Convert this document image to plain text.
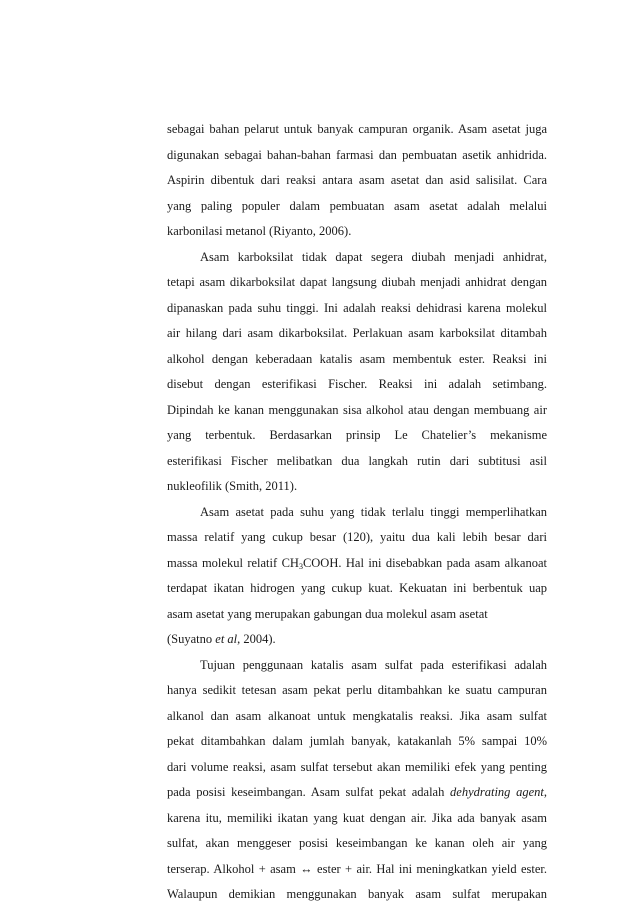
sebagai bahan pelarut untuk banyak campuran organik. Asam asetat juga
digunakan sebagai bahan-bahan farmasi dan pembuatan asetik anhidrida.
Aspirin dibentuk dari reaksi antara asam asetat dan asid salisilat. Cara
yang paling populer dalam pembuatan asam asetat adalah melalui
karbonilasi metanol (Riyanto, 2006).
Asam karboksilat tidak dapat segera diubah menjadi anhidrat,
tetapi asam dikarboksilat dapat langsung diubah menjadi anhidrat dengan
dipanaskan pada suhu tinggi. Ini adalah reaksi dehidrasi karena molekul
air hilang dari asam dikarboksilat. Perlakuan asam karboksilat ditambah
alkohol dengan keberadaan katalis asam membentuk ester. Reaksi ini
disebut dengan esterifikasi Fischer. Reaksi ini adalah setimbang.
Dipindah ke kanan menggunakan sisa alkohol atau dengan membuang air
yang terbentuk. Berdasarkan prinsip Le Chatelier’s mekanisme
esterifikasi Fischer melibatkan dua langkah rutin dari subtitusi asil
nukleofilik (Smith, 2011).
Asam asetat pada suhu yang tidak terlalu tinggi memperlihatkan
massa relatif yang cukup besar (120), yaitu dua kali lebih besar dari
massa molekul relatif $CH_3COOH$. Hal ini disebabkan pada asam alkanoat
terdapat ikatan hidrogen yang cukup kuat. Kekuatan ini berbentuk uap
asam asetat yang merupakan gabungan dua molekul asam asetat
(Suyatno et al, 2004).
Tujuan penggunaan katalis asam sulfat pada esterifikasi adalah
hanya sedikit tetesan asam pekat perlu ditambahkan ke suatu campuran
alkanol dan asam alkanoat untuk mengkatalis reaksi. Jika asam sulfat
pekat ditambahkan dalam jumlah banyak, katakanlah 5% sampai 10%
dari volume reaksi, asam sulfat tersebut akan memiliki efek yang penting
pada posisi keseimbangan. Asam sulfat pekat adalah dehydrating agent,
karena itu, memiliki ikatan yang kuat dengan air. Jika ada banyak asam
sulfat, akan menggeser posisi keseimbangan ke kanan oleh air yang
terserap. Alkohol + asam ↔ ester + air. Hal ini meningkatkan yield ester.
Walaupun demikian menggunakan banyak asam sulfat merupakan
